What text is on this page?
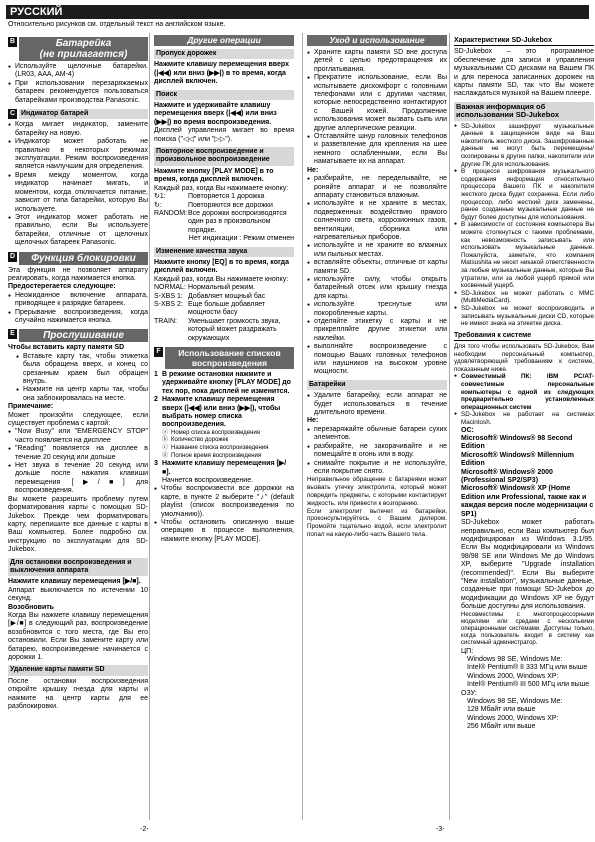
РУССКИЙ
Относительно рисунков см. отдельный текст на английском языке.
B	Батарейка
(не прилагается)
● Используйте щелочные батарейки. (LR03, AAA, AM-4)
● При использовании перезаряжаемых батареек рекомендуется пользоваться батарейками производства Panasonic.
C Индикатор батарей
● Когда мигает индикатор, замените батарейку на новую.
● Индикатор может работать не правильно в некоторых режимах эксплуатации. Режим воспроизведения является наилучшим для определения.
● Время между моментом, когда индикатор начинает мигать, и моментом, когда отключается питание, зависит от типа батарейки, которую Вы используете.
● Этот индикатор может работать не правильно, если Вы используете батарейки, отличные от щелочных щелочных батареек Panasonic.
D	Функция блокировки

Эта функция не позволяет аппарату реагировать, когда нажимается кнопка.

Предостерегается следующее:
● Неожиданное включение аппарата, приводящее к разрядке батареек.
● Прерывание воспроизведения, когда случайно нажимается кнопка.
E	Прослушивание
Чтобы вставить карту памяти SD
● Вставьте карту так, чтобы этикетка была обращена вверх, и конец со срезанным краем был обращен внутрь.
● Нажмите на центр карты так, чтобы она заблокировалась на месте.
Примечание:

Может произойти следующее, если существует проблема с картой:

● "Now Busy" или "EMERGENCY STOP" часто появляется на дисплее
● "Reading" появляется на дисплее в течение 20 секунд или дольше
● Нет звука в течение 20 секунд или дольше после нажатия клавиши перемещения [▶/■] для воспроизведения.

Вы можете разрешить проблему путем форматирования карты с помощью SD-Jukebox. Прежде чем форматировать карту, перепишите все данные с карты в Ваш компьютер. Более подробно см. инструкцию по эксплуатации для SD-Jukebox.

Для остановки воспроизведения и выключения аппарата
Нажмите клавишу перемещения [▶/■].

Аппарат выключается по истечении 10 секунд.

Возобновить

Когда Вы нажмете клавишу перемещения [▶/■] в следующий раз, воспроизведение возобновится с того места, где Вы его остановили. Если Вы замените карту или батарею, воспроизведение начинается с дорожки 1.

Удаление карты памяти SD

После остановки воспроизведения откройте крышку гнезда для карты и нажмите на центр карты для ее разблокировки.

Другие операции
Пропуск дорожек
Нажмите клавишу перемещения вверх (|◀◀) или вниз (▶▶|) в то время, когда дисплей включен.
Поиск
Нажмите и удерживайте клавишу перемещения вверх (|◀◀) или вниз (▶▶|) во время воспроизведения.

Дисплей управления мигает во время поиска ("◁◁" или "▷▷").

Повторное воспроизведение и произвольное воспроизведение
Нажмите кнопку [PLAY MODE] в то время, когда дисплей включен.

Каждый раз, когда Вы нажимаете кнопку:

↻1:	Повторяется 1 дорожка
↻:	Повторяются все дорожки
RANDOM:	Все дорожки воспроизводятся один раз в произвольном порядке.

Нет индикации : Режим отменен

Изменение качества звука
Нажмите кнопку [EQ] в то время, когда дисплей включен.

Каждый раз, когда Вы нажимаете кнопку:

NORMAL:	Нормальный режим.
S-XBS 1:	Добавляет мощный бас
S-XBS 2:	Еще больше добавляет мощности басу
TRAIN:	Уменьшает громкость звука, который может раздражать окружающих
F	Использование списков воспроизведения
1 В режиме остановки нажмите и удерживайте кнопку [PLAY MODE] до тех пор, пока дисплей не изменится.
2 Нажмите клавишу перемещения вверх (|◀◀) или вниз (▶▶|), чтобы выбрать номер списка воспроизведения.
ⓐ	Номер списка воспроизведения
ⓑ	Количество дорожек
ⓒ	Название списка воспроизведения
ⓓ	Полное время воспроизведения
3 Нажмите клавишу перемещения [▶/■].

Начнется воспроизведение.

● Чтобы воспроизвести все дорожки на карте, в пункте 2 выберите "♪" (default playlist (список воспроизведения по умолчанию)).
● Чтобы остановить описанную выше операцию в процессе выполнения, нажмите кнопку [PLAY MODE].
Уход и использование
● Храните карты памяти SD вне доступа детей с целью предотвращения их проглатывания.
● Прекратите использование, если Вы испытываете дискомфорт с головными телефонами или с другими частями, которые непосредственно контактируют с Вашей кожей. Продолжение использования может вызвать сыпь или другие аллергические реакции.
● Отставляйте шнур головных телефонов и разветвление для крепления на шее немного ослабленными, если Вы наматываете их на аппарат.
Не:
● разбирайте, не переделывайте, не роняйте аппарат и не позволяйте аппарату становиться влажным.
● используйте и не храните в местах, подверженных воздействию прямого солнечного света, коррозионных газов, вентиляции, сборника или нагревательных приборов.
● используйте и не храните во влажных или пыльных местах.
● вставляйте объекты, отличные от карты памяти SD.
● используйте силу, чтобы открыть батарейный отсек или крышку гнезда для карты.
● используйте треснутые или покоробленные карты.
● отделяйте этикетку с карты и не прикрепляйте другие этикетки или наклейки.
● выполняйте воспроизведение с помощью Ваших головных телефонов или наушников на высоком уровне мощности.
Батарейки
● Удалите батарейку, если аппарат не будет использоваться в течение длительного времени.
Не:
● перезаряжайте обычные батареи сухих элементов.
● разбирайте, не закорачивайте и не помещайте в огонь или в воду.
● снимайте покрытие и не используйте, если покрытие снято.

Неправильное обращение с батареями может вызвать утечку электролита, который может повредить предметы, с которыми контактирует жидкость, или привести к возгоранию.

Если электролит вытечет из батарейки, проконсультируйтесь с Вашим дилером. Промойте тщательно водой, если электролит попал на какую-либо часть Вашего тела.

Характеристики SD-Jukebox

SD-Jukebox – это программное обеспечение для записи и управления музыкальными CD дисками на Вашем ПК и для переноса записанных дорожек на карты памяти SD, так что Вы можете наслаждаться музыкой на Вашем плеере.

Важная информация об использовании SD-Jukebox
● SD-Jukebox зашифрует музыкальные данные в защищенном виде на Ваш накопитель жесткого диска. Зашифрованные данные не могут быть перемещены/скопированы в другие папки, накопители или другие ПК для использования.
● В процессе шифрования музыкального содержания информация относительно процессора Вашего ПК и накопителя жесткого диска будет сохранена. Если либо процессор, либо жесткий диск заменены, ранее созданные музыкальные данные не будут более доступны для использования.
● В зависимости от состояния компьютера Вы можете столкнуться с такими проблемами, как невозможность записывать или использовать музыкальные данные. Пожалуйста, заметьте, что компания Matsushita не несет никакой ответственности за любые музыкальные данные, которые Вы утратили, или за любой ущерб прямой или косвенный ущерб.
● SD-Jukebox не может работать с MMC (MultiMediaCard).
● SD-Jukebox не может воспроизводить и записывать музыкальные диски CD, которые не имеют знака на этикетке диска.
Требования к системе

Для того чтобы использовать SD-Jukebox, Вам необходим персональный компьютер, удовлетворяющий требованиям к системе, показанным ниже.

● Совместимый ПК: IBM PC/AT-совместимые персональные компьютеры с одной из следующих предварительно установленных операционных систем
● SD-Jukebox не работает на системах Macintosh.
ОС:
Microsoft® Windows® 98 Second Edition
Microsoft® Windows® Millennium Edition
Microsoft® Windows® 2000 (Professional SP2/SP3)
Microsoft® Windows® XP (Home Edition или Professional, также как и каждая версия после модернизации с SP1)

SD-Jukebox может работать неправильно, если Ваш компьютер был модифицирован из Windows 3.1/95. Если Вы модифицировали из Windows 98/98 SE или Windows Me до Windows XP, выберите "Upgrade installation (recommended)". Если Вы выберите "New installation", музыкальные данные, созданные при помощи SD-Jukebox до модификации до Windows XP не будут больше доступны для использования.

Несовместимы с многопроцессорными моделями или средами с несколькими операционными системами. Доступны только, когда пользователь входит в систему как системный администратор.

ЦП:
Windows 98 SE, Windows Me:
Intel® Pentium® II 333 МГц или выше
Windows 2000, Windows XP:
Intel® Pentium® III 500 МГц или выше
ОЗУ:
Windows 98 SE, Windows Me:
128 Мбайт или выше
Windows 2000, Windows XP:
256 Мбайт или выше
-2-	-3-
